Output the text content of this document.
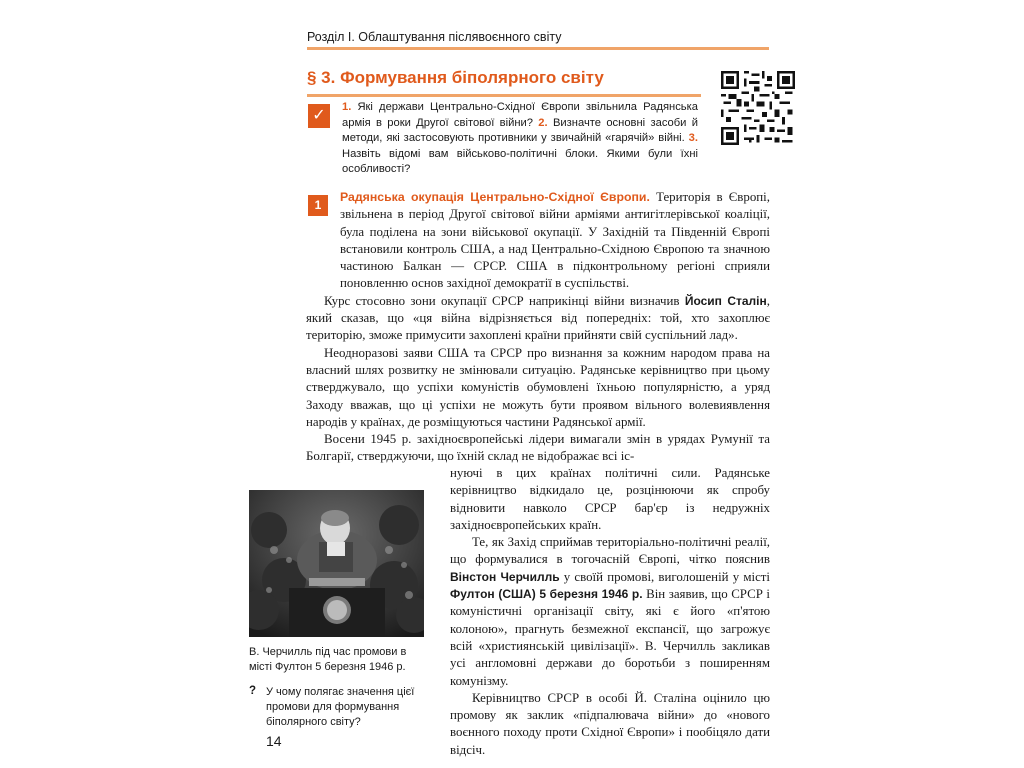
Розділ І. Облаштування післявоєнного світу
§ 3. Формування біполярного світу
✓	1. Які держави Центрально-Східної Європи звільнила Радянська армія в роки Другої світової війни? 2. Визначте основні засоби й методи, які застосовують противники у звичайній «гарячій» війні. 3. Назвіть відомі вам військово-політичні блоки. Якими були їхні особливості?
1

Радянська окупація Центрально-Східної Європи. Територія в Європі, звільнена в період Другої світової війни арміями антигітлерівської коаліції, була поділена на зони військової окупації. У Західній та Південній Європі встановили контроль США, а над Центрально-Східною Європою та значною частиною Балкан — СРСР. США в підконтрольному регіоні сприяли поновленню основ західної демократії в суспільстві.

Курс стосовно зони окупації СРСР наприкінці війни визначив Йосип Сталін, який сказав, що «ця війна відрізняється від попередніх: той, хто захоплює територію, зможе примусити захоплені країни прийняти свій суспільний лад».

Неодноразові заяви США та СРСР про визнання за кожним народом права на власний шлях розвитку не змінювали ситуацію. Радянське керівництво при цьому стверджувало, що успіхи комуністів обумовлені їхньою популярністю, а уряд Заходу вважав, що ці успіхи не можуть бути проявом вільного волевиявлення народів у країнах, де розміщуються частини Радянської армії.

Восени 1945 р. західноєвропейські лідери вимагали змін в урядах Румунії та Болгарії, стверджуючи, що їхній склад не відображає всі іс-

В. Черчилль під час промови в місті Фултон 5 березня 1946 р.
? У чому полягає значення цієї промови для формування біполярного світу?

нуючі в цих країнах політичні сили. Радянське керівництво відкидало це, розцінюючи як спробу відновити навколо СРСР бар'єр із недружніх західноєвропейських країн.

Те, як Захід сприймав територіально-політичні реалії, що формувалися в тогочасній Європі, чітко пояснив Вінстон Черчилль у своїй промові, виголошеній у місті Фултон (США) 5 березня 1946 р. Він заявив, що СРСР і комуністичні організації світу, які є його «п'ятою колоною», прагнуть безмежної експансії, що загрожує всій «християнській цивілізації». В. Черчилль закликав усі англомовні держави до боротьби з поширенням комунізму.

Керівництво СРСР в особі Й. Сталіна оцінило цю промову як заклик «підпалювача війни» до «нового воєнного походу проти Східної Європи» і пообіцяло дати відсіч.

14
